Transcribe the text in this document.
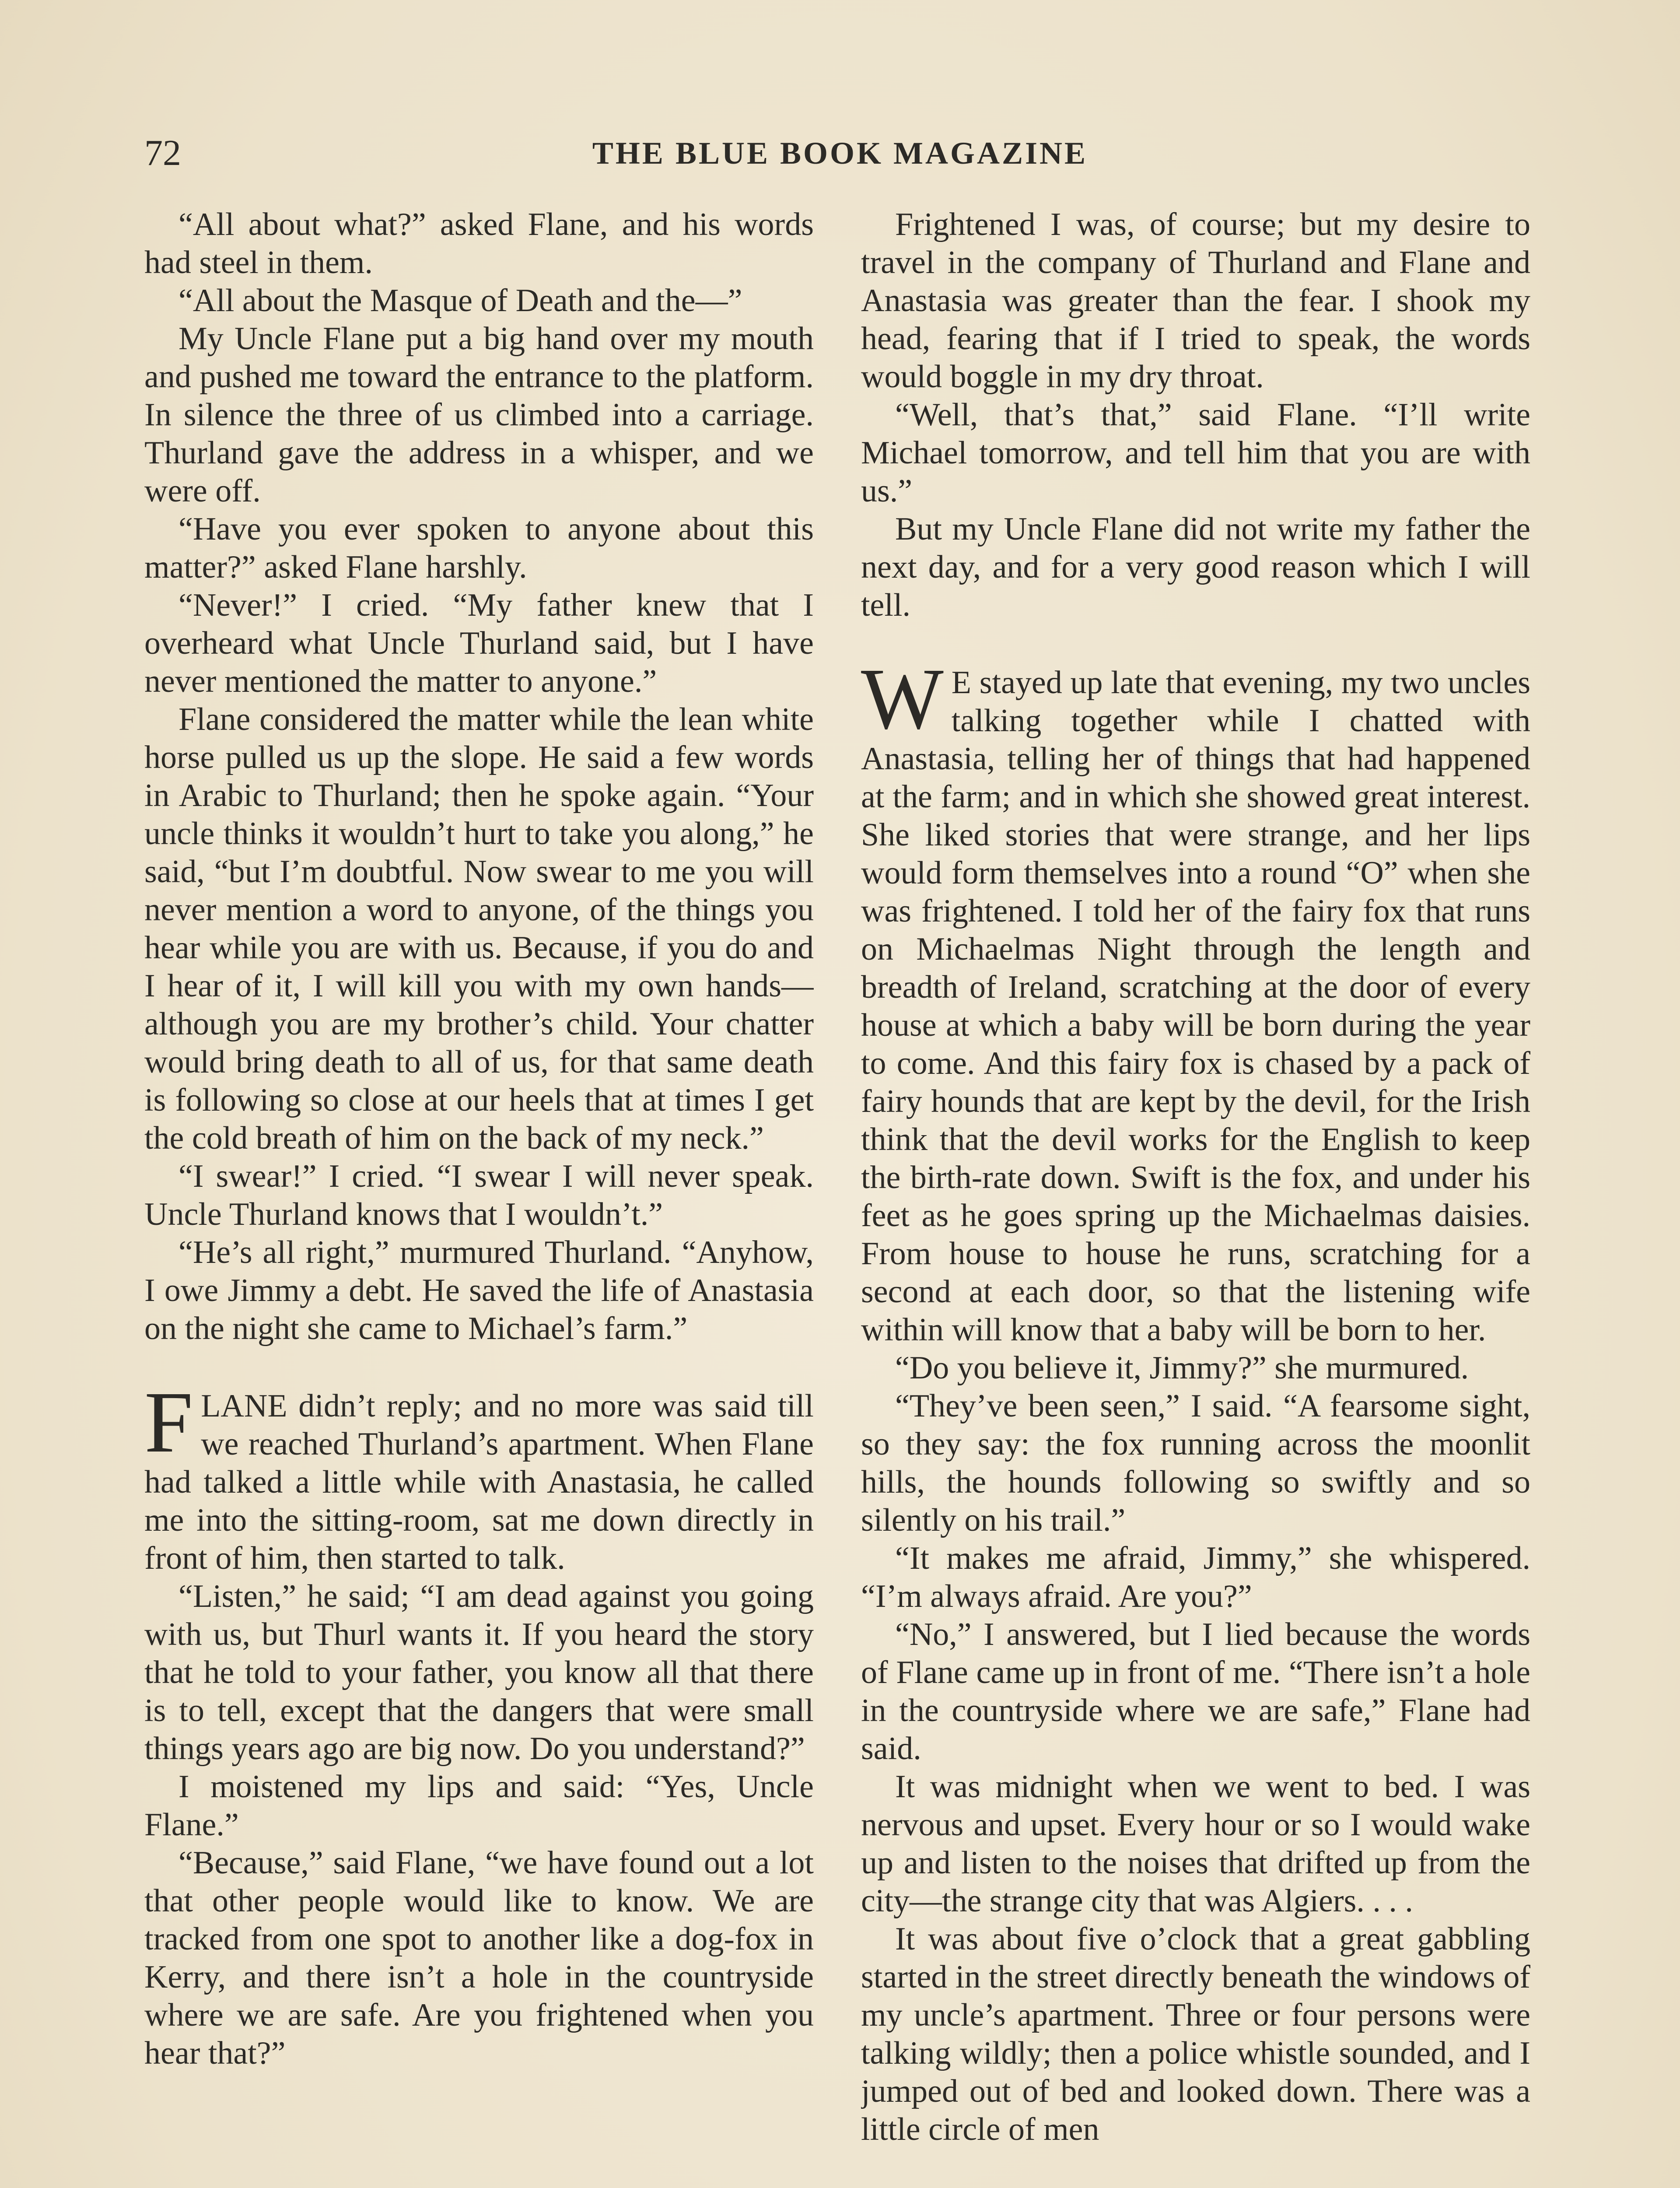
72	THE BLUE BOOK MAGAZINE

“All about what?” asked Flane, and his words had steel in them.

“All about the Masque of Death and the—”

My Uncle Flane put a big hand over my mouth and pushed me toward the entrance to the platform. In silence the three of us climbed into a carriage. Thurland gave the address in a whisper, and we were off.

“Have you ever spoken to anyone about this matter?” asked Flane harshly.

“Never!” I cried. “My father knew that I overheard what Uncle Thurland said, but I have never mentioned the matter to anyone.”

Flane considered the matter while the lean white horse pulled us up the slope. He said a few words in Arabic to Thurland; then he spoke again. “Your uncle thinks it wouldn’t hurt to take you along,” he said, “but I’m doubtful. Now swear to me you will never mention a word to anyone, of the things you hear while you are with us. Because, if you do and I hear of it, I will kill you with my own hands—although you are my brother’s child. Your chatter would bring death to all of us, for that same death is following so close at our heels that at times I get the cold breath of him on the back of my neck.”

“I swear!” I cried. “I swear I will never speak. Uncle Thurland knows that I wouldn’t.”

“He’s all right,” murmured Thurland. “Anyhow, I owe Jimmy a debt. He saved the life of Anastasia on the night she came to Michael’s farm.”

FLANE didn’t reply; and no more was said till we reached Thurland’s apartment. When Flane had talked a little while with Anastasia, he called me into the sitting-room, sat me down directly in front of him, then started to talk.

“Listen,” he said; “I am dead against you going with us, but Thurl wants it. If you heard the story that he told to your father, you know all that there is to tell, except that the dangers that were small things years ago are big now. Do you understand?”

I moistened my lips and said: “Yes, Uncle Flane.”

“Because,” said Flane, “we have found out a lot that other people would like to know. We are tracked from one spot to another like a dog-fox in Kerry, and there isn’t a hole in the countryside where we are safe. Are you frightened when you hear that?”

Frightened I was, of course; but my desire to travel in the company of Thurland and Flane and Anastasia was greater than the fear. I shook my head, fearing that if I tried to speak, the words would boggle in my dry throat.

“Well, that’s that,” said Flane. “I’ll write Michael tomorrow, and tell him that you are with us.”

But my Uncle Flane did not write my father the next day, and for a very good reason which I will tell.

W E stayed up late that evening, my two uncles talking together while I chatted with Anastasia, telling her of things that had happened at the farm; and in which she showed great interest. She liked stories that were strange, and her lips would form themselves into a round “O” when she was frightened. I told her of the fairy fox that runs on Michaelmas Night through the length and breadth of Ireland, scratching at the door of every house at which a baby will be born during the year to come. And this fairy fox is chased by a pack of fairy hounds that are kept by the devil, for the Irish think that the devil works for the English to keep the birth-rate down. Swift is the fox, and under his feet as he goes spring up the Michaelmas daisies. From house to house he runs, scratching for a second at each door, so that the listening wife within will know that a baby will be born to her.

“Do you believe it, Jimmy?” she murmured.

“They’ve been seen,” I said. “A fearsome sight, so they say: the fox running across the moonlit hills, the hounds following so swiftly and so silently on his trail.”

“It makes me afraid, Jimmy,” she whispered. “I’m always afraid. Are you?”

“No,” I answered, but I lied because the words of Flane came up in front of me. “There isn’t a hole in the countryside where we are safe,” Flane had said.

It was midnight when we went to bed. I was nervous and upset. Every hour or so I would wake up and listen to the noises that drifted up from the city—the strange city that was Algiers. . . .

It was about five o’clock that a great gabbling started in the street directly beneath the windows of my uncle’s apartment. Three or four persons were talking wildly; then a police whistle sounded, and I jumped out of bed and looked down. There was a little circle of men
